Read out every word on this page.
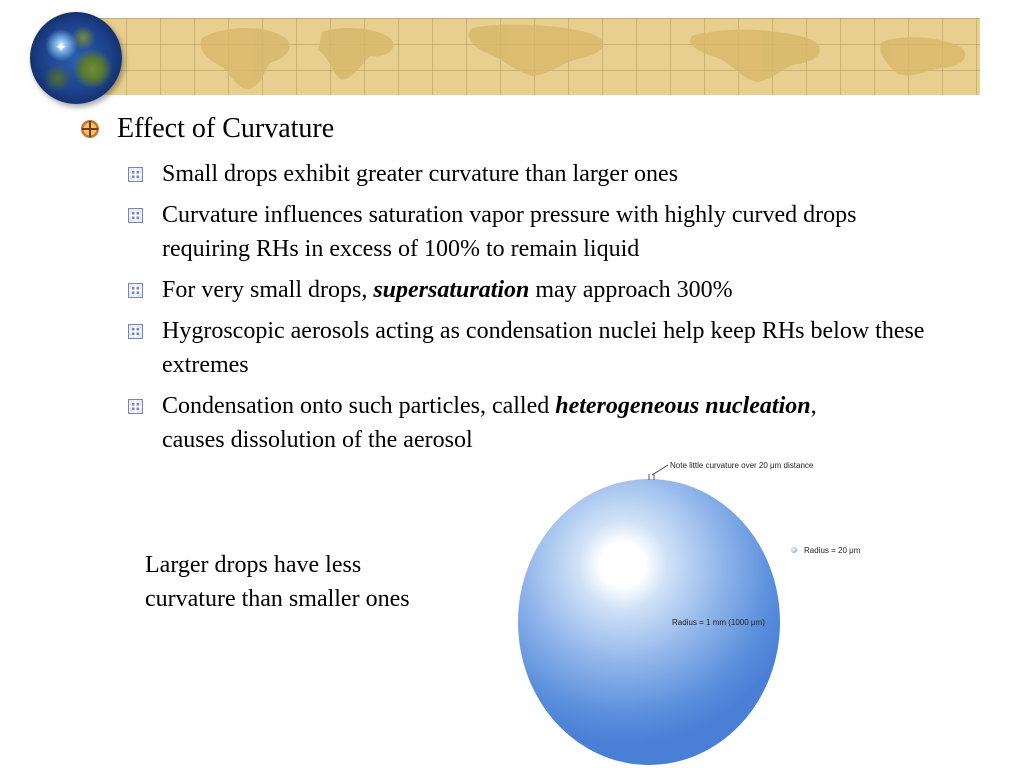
✦
Effect of Curvature
Small drops exhibit greater curvature than larger ones
Curvature influences saturation vapor pressure with highly curved drops requiring RHs in excess of 100% to remain liquid
For very small drops, supersaturation may approach 300%
Hygroscopic aerosols acting as condensation nuclei help keep RHs below these extremes
Condensation onto such particles, called heterogeneous nucleation, causes dissolution of the aerosol
Larger drops have less curvature than smaller ones
Note little curvature over 20 μm distance
Radius = 20 μm
Radius = 1 mm (1000 μm)
